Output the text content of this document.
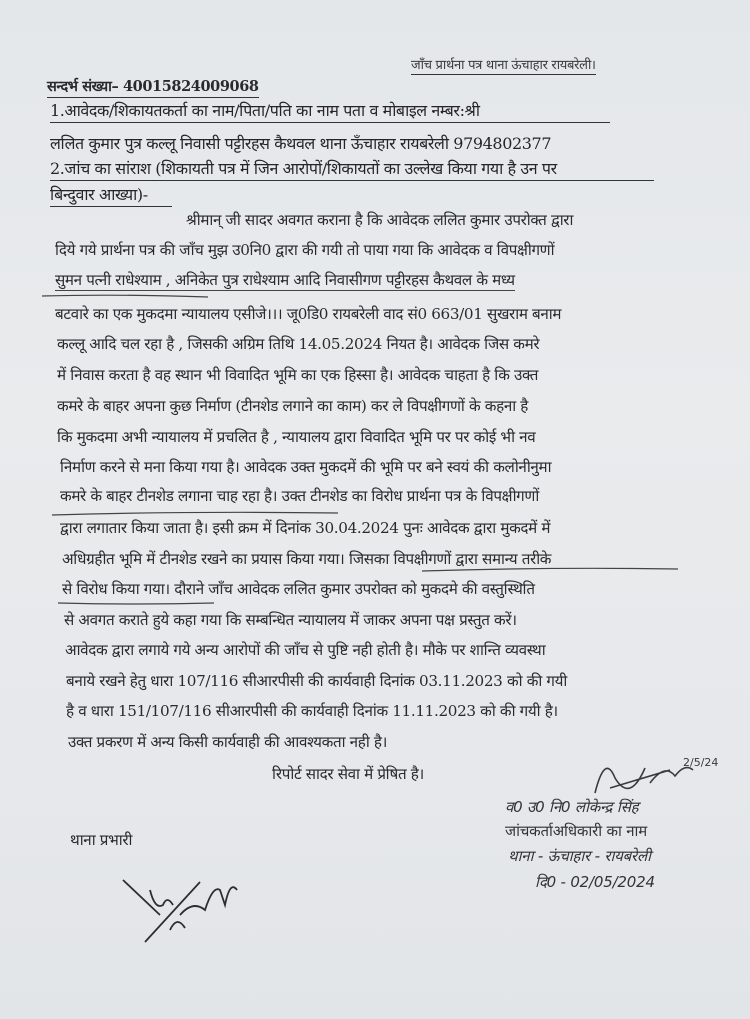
जाँच प्रार्थना पत्र थाना ऊंचाहार रायबरेली।
सन्दर्भ संख्या– 40015824009068
1.आवेदक/शिकायतकर्ता का नाम/पिता/पति का नाम पता व मोबाइल नम्बर:श्री
ललित कुमार पुत्र कल्लू निवासी पट्टीरहस कैथवल थाना ऊँचाहार रायबरेली 9794802377
2.जांच का सांराश (शिकायती पत्र में जिन आरोपों/शिकायतों का उल्लेख किया गया है उन पर
बिन्दुवार आख्या)-
श्रीमान् जी सादर अवगत कराना है कि आवेदक ललित कुमार उपरोक्त द्वारा
दिये गये प्रार्थना पत्र की जाँच मुझ उ0नि0 द्वारा की गयी तो पाया गया कि आवेदक व विपक्षीगणों
सुमन पत्नी राधेश्याम , अनिकेत पुत्र राधेश्याम आदि निवासीगण पट्टीरहस कैथवल के मध्य
बटवारे का एक मुकदमा न्यायालय एसीजे।।। जू0डि0 रायबरेली वाद सं0 663/01 सुखराम बनाम
कल्लू आदि चल रहा है , जिसकी अग्रिम तिथि 14.05.2024 नियत है। आवेदक जिस कमरे
में निवास करता है वह स्थान भी विवादित भूमि का एक हिस्सा है। आवेदक चाहता है कि उक्त
कमरे के बाहर अपना कुछ निर्माण (टीनशेड लगाने का काम) कर ले विपक्षीगणों के कहना है
कि मुकदमा अभी न्यायालय में प्रचलित है , न्यायालय द्वारा विवादित भूमि पर पर कोई भी नव
निर्माण करने से मना किया गया है। आवेदक उक्त मुकदमें की भूमि पर बने स्वयं की कलोनीनुमा
कमरे के बाहर टीनशेड लगाना चाह रहा है। उक्त टीनशेड का विरोध प्रार्थना पत्र के विपक्षीगणों
द्वारा लगातार किया जाता है। इसी क्रम में दिनांक 30.04.2024 पुनः आवेदक द्वारा मुकदमें में
अधिग्रहीत भूमि में टीनशेड रखने का प्रयास किया गया। जिसका विपक्षीगणों द्वारा समान्य तरीके
से विरोध किया गया। दौराने जाँच आवेदक ललित कुमार उपरोक्त को मुकदमे की वस्तुस्थिति
से अवगत कराते हुये कहा गया कि सम्बन्धित न्यायालय में जाकर अपना पक्ष प्रस्तुत करें।
आवेदक द्वारा लगाये गये अन्य आरोपों की जाँच से पुष्टि नही होती है। मौके पर शान्ति व्यवस्था
बनाये रखने हेतु धारा 107/116 सीआरपीसी की कार्यवाही दिनांक 03.11.2023 को की गयी
है व धारा 151/107/116 सीआरपीसी की कार्यवाही दिनांक 11.11.2023 को की गयी है।
उक्त प्रकरण में अन्य किसी कार्यवाही की आवश्यकता नही है।
रिपोर्ट सादर सेवा में प्रेषित है।
2/5/24
व0 उ0 नि0 लोकेन्द्र सिंह
जांचकर्ताअधिकारी का नाम
थाना - ऊंचाहार - रायबरेली
दि0 - 02/05/2024
थाना प्रभारी
